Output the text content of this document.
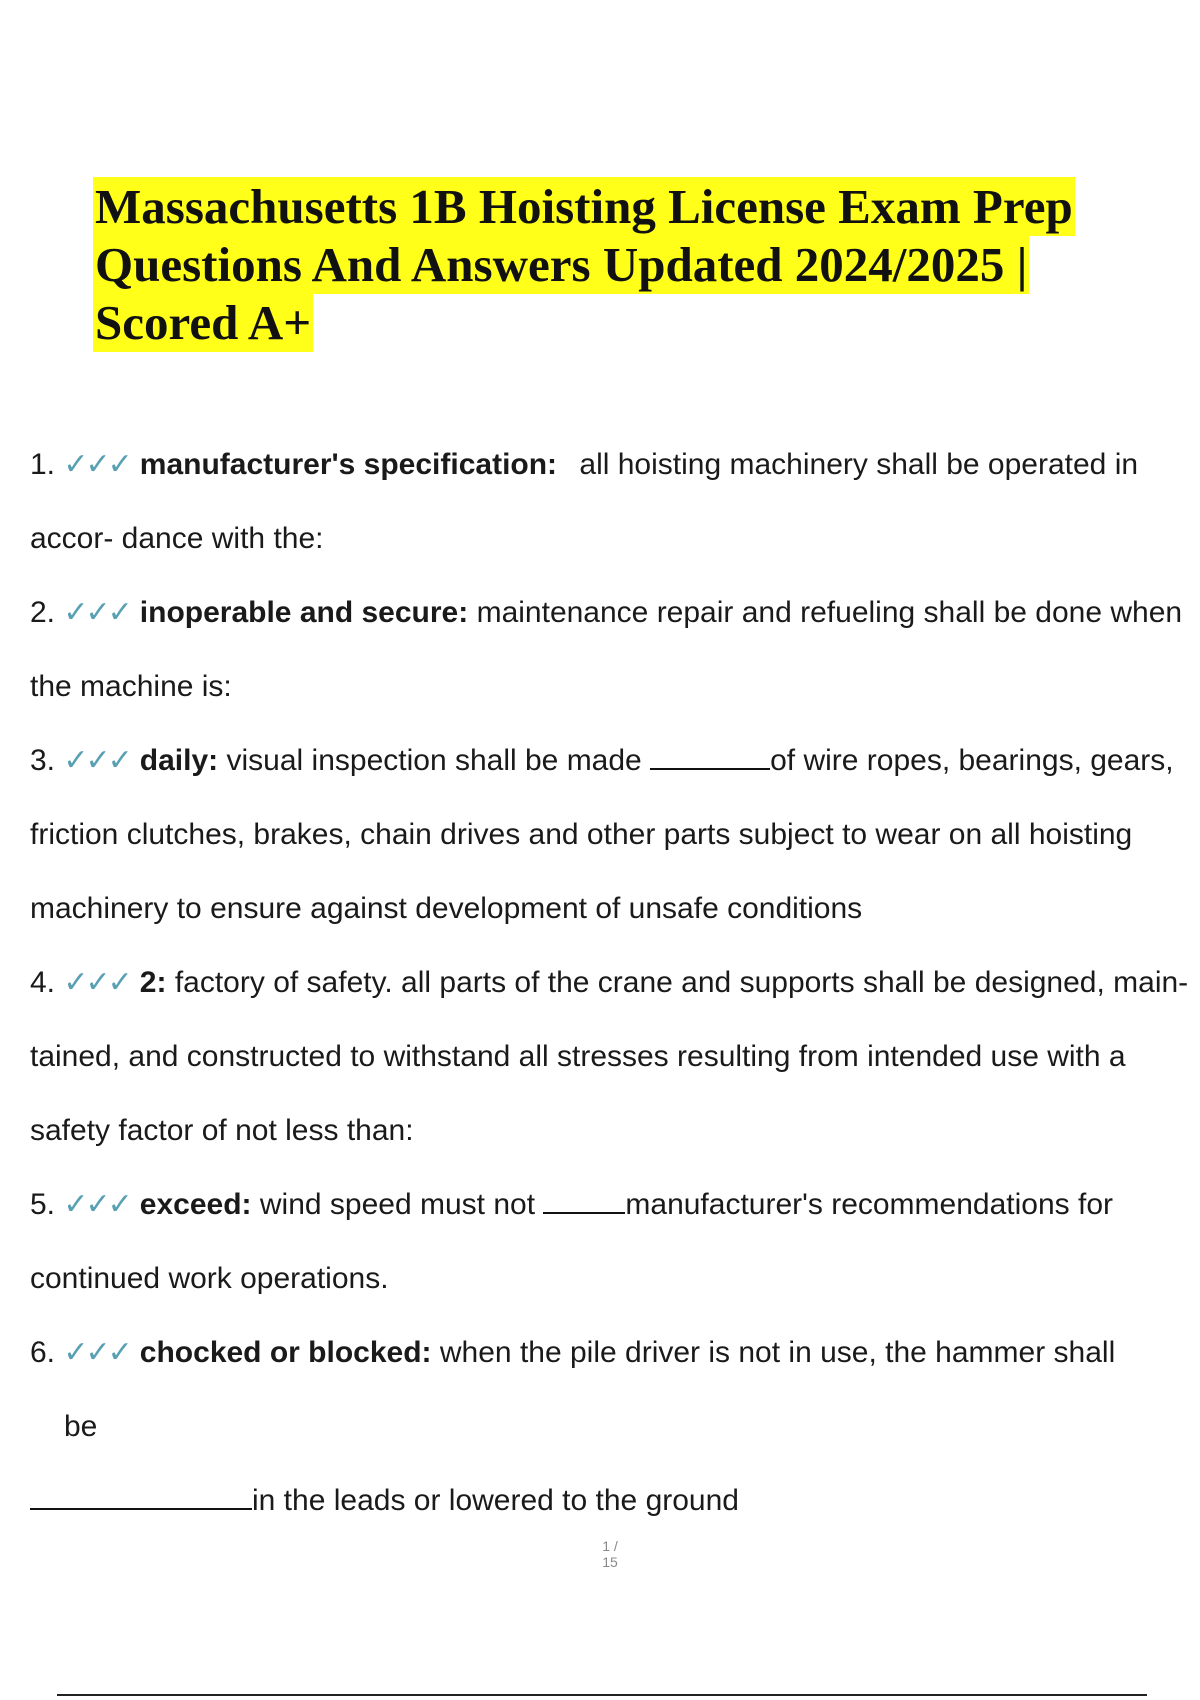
Massachusetts 1B Hoisting License Exam Prep Questions And Answers Updated 2024/2025 | Scored A+

1. ✓✓✓ manufacturer's specification: all hoisting machinery shall be operated in accor- dance with the:

2. ✓✓✓ inoperable and secure: maintenance repair and refueling shall be done when the machine is:

3. ✓✓✓ daily: visual inspection shall be made	of wire ropes, bearings, gears, friction clutches, brakes, chain drives and other parts subject to wear on all hoisting machinery to ensure against development of unsafe conditions

4. ✓✓✓ 2: factory of safety. all parts of the crane and supports shall be designed, main- tained, and constructed to withstand all stresses resulting from intended use with a safety factor of not less than:

5. ✓✓✓ exceed: wind speed must not	manufacturer's recommendations for continued work operations.

6. ✓✓✓ chocked or blocked: when the pile driver is not in use, the hammer shall
be
in the leads or lowered to the ground
1 / 15
